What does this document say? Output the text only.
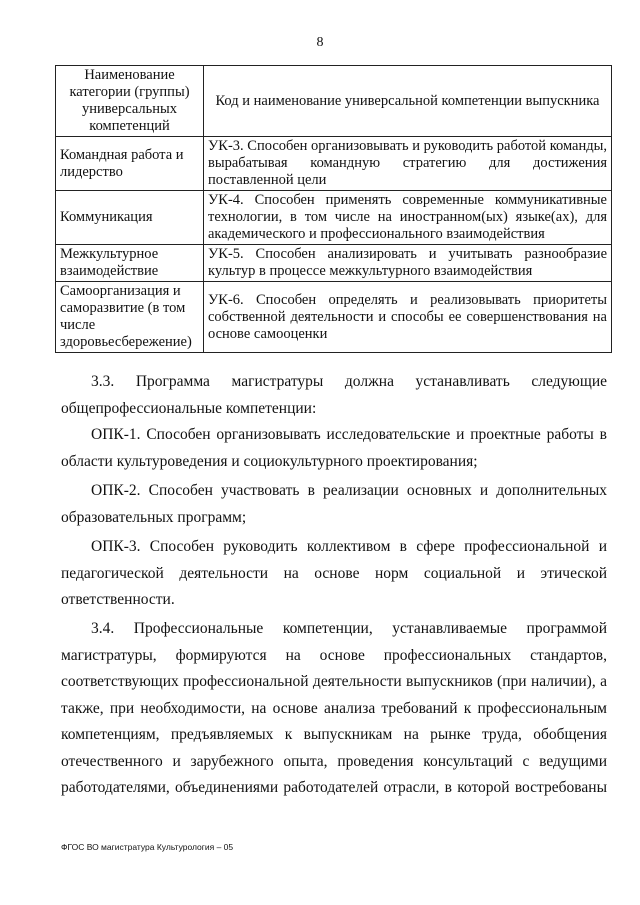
8
Наименование категории (группы) универсальных компетенций	Код и наименование универсальной компетенции выпускника
Командная работа и лидерство	УК-3. Способен организовывать и руководить работой команды, вырабатывая командную стратегию для достижения поставленной цели
Коммуникация	УК-4. Способен применять современные коммуникативные технологии, в том числе на иностранном(ых) языке(ах), для академического и профессионального взаимодействия
Межкультурное взаимодействие	УК-5. Способен анализировать и учитывать разнообразие культур в процессе межкультурного взаимодействия
Самоорганизация и саморазвитие (в том числе здоровьесбережение)	УК-6. Способен определять и реализовывать приоритеты собственной деятельности и способы ее совершенствования на основе самооценки

3.3. Программа магистратуры должна устанавливать следующие общепрофессиональные компетенции:

ОПК-1. Способен организовывать исследовательские и проектные работы в области культуроведения и социокультурного проектирования;

ОПК-2. Способен участвовать в реализации основных и дополнительных образовательных программ;

ОПК-3. Способен руководить коллективом в сфере профессиональной и педагогической деятельности на основе норм социальной и этической ответственности.

3.4. Профессиональные компетенции, устанавливаемые программой магистратуры, формируются на основе профессиональных стандартов, соответствующих профессиональной деятельности выпускников (при наличии), а также, при необходимости, на основе анализа требований к профессиональным компетенциям, предъявляемых к выпускникам на рынке труда, обобщения отечественного и зарубежного опыта, проведения консультаций с ведущими работодателями, объединениями работодателей отрасли, в которой востребованы

ФГОС ВО магистратура Культурология – 05
